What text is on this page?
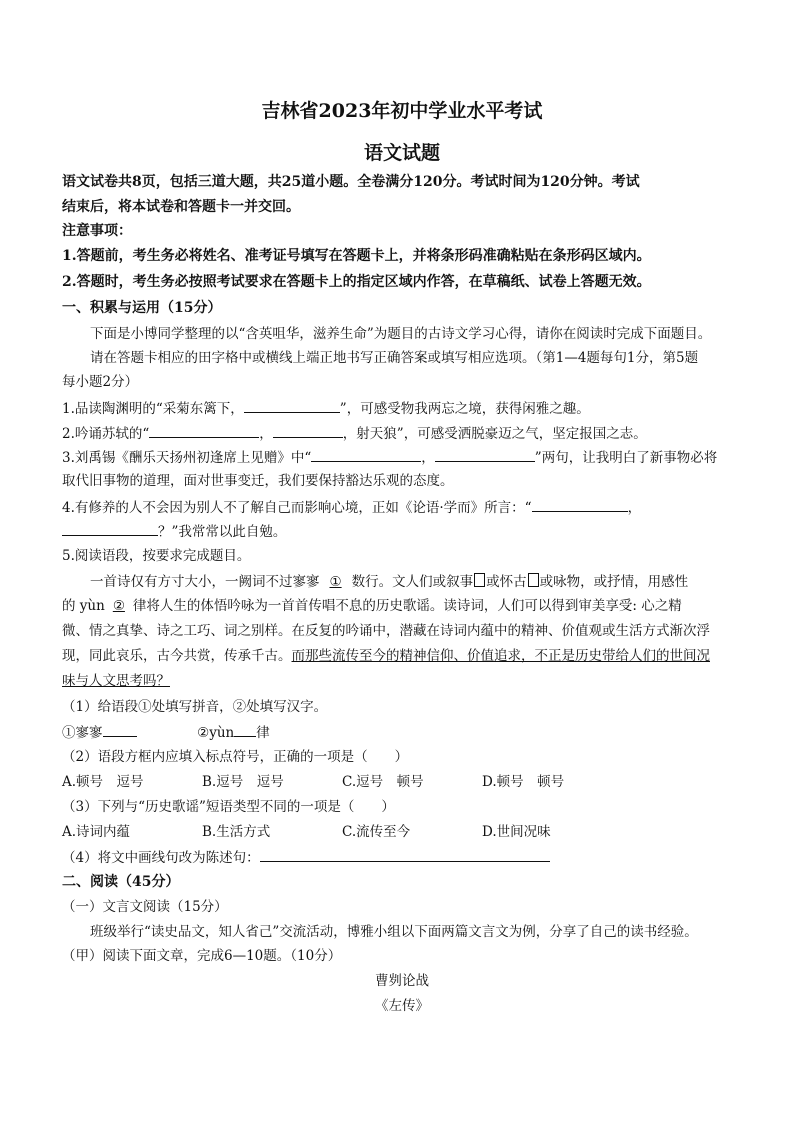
吉林省2023年初中学业水平考试
语文试题
语文试卷共8页，包括三道大题，共25道小题。全卷满分120分。考试时间为120分钟。考试
结束后，将本试卷和答题卡一并交回。
注意事项：
1.答题前，考生务必将姓名、准考证号填写在答题卡上，并将条形码准确粘贴在条形码区域内。
2.答题时，考生务必按照考试要求在答题卡上的指定区域内作答，在草稿纸、试卷上答题无效。
一、积累与运用（15分）
下面是小博同学整理的以“含英咀华，滋养生命”为题目的古诗文学习心得，请你在阅读时完成下面题目。
请在答题卡相应的田字格中或横线上端正地书写正确答案或填写相应选项。（第1—4题每句1分，第5题
每小题2分）
1.品读陶渊明的“采菊东篱下，	”，可感受物我两忘之境，获得闲雅之趣。
2.吟诵苏轼的“	，	，射天狼”，可感受洒脱豪迈之气，坚定报国之志。
3.刘禹锡《酬乐天扬州初逢席上见赠》中“	，	”两句，让我明白了新事物必将
取代旧事物的道理，面对世事变迁，我们要保持豁达乐观的态度。
4.有修养的人不会因为别人不了解自己而影响心境，正如《论语·学而》所言：“	，
？”我常常以此自勉。
5.阅读语段，按要求完成题目。
一首诗仅有方寸大小，一阙词不过寥寥 ① 数行。文人们或叙事 或怀古 或咏物，或抒情，用感性
的 yùn ② 律将人生的体悟吟咏为一首首传唱不息的历史歌谣。读诗词，人们可以得到审美享受: 心之精
微、情之真挚、诗之工巧、词之别样。在反复的吟诵中，潜藏在诗词内蕴中的精神、价值观或生活方式渐次浮
现，同此哀乐，古今共赏，传承千古。而那些流传至今的精神信仰、价值追求，不正是历史带给人们的世间况
味与人文思考吗？
（1）给语段①处填写拼音，②处填写汉字。
①寥寥	②yùn 律
（2）语段方框内应填入标点符号，正确的一项是（　　）
A.顿号　逗号	B.逗号　逗号	C.逗号　顿号	D.顿号　顿号
（3）下列与“历史歌谣”短语类型不同的一项是（　　）
A.诗词内蕴	B.生活方式	C.流传至今	D.世间况味
（4）将文中画线句改为陈述句：
二、阅读（45分）
（一）文言文阅读（15分）
班级举行“读史品文，知人省己”交流活动，博雅小组以下面两篇文言文为例，分享了自己的读书经验。
（甲）阅读下面文章，完成6—10题。（10分）
曹刿论战
《左传》
